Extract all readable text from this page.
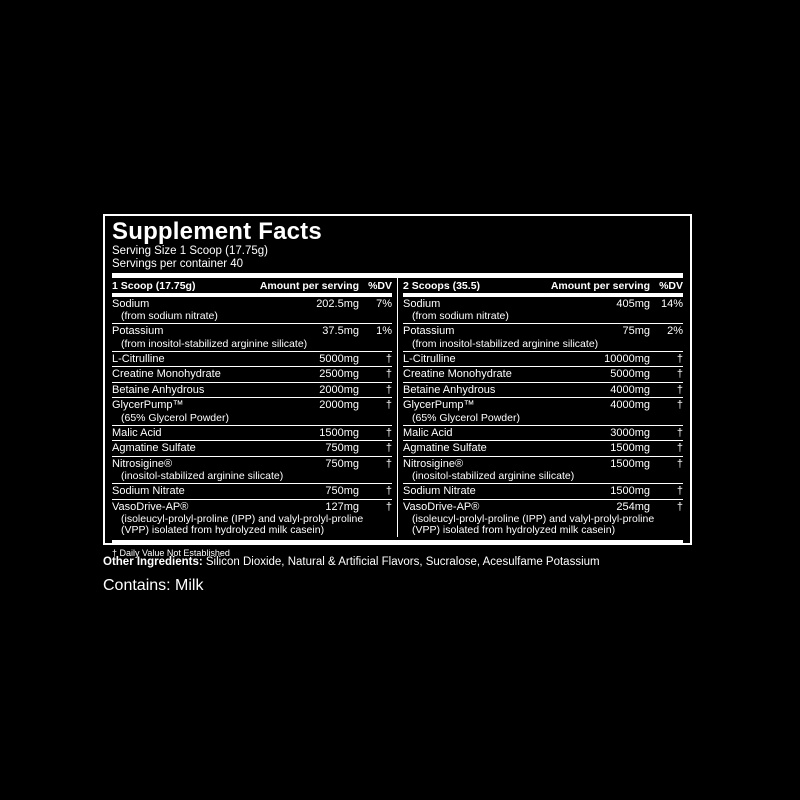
Supplement Facts
Serving Size 1 Scoop (17.75g)
Servings per container 40
1 Scoop (17.75g)	Amount per serving %DV
Sodium	202.5mg	7%
(from sodium nitrate)
Potassium	37.5mg	1%
(from inositol-stabilized arginine silicate)
L-Citrulline	5000mg	†
Creatine Monohydrate	2500mg	†
Betaine Anhydrous	2000mg	†
GlycerPump™	2000mg	†
(65% Glycerol Powder)
Malic Acid	1500mg	†
Agmatine Sulfate	750mg	†
Nitrosigine®	750mg	†
(inositol-stabilized arginine silicate)
Sodium Nitrate	750mg	†
VasoDrive-AP®	127mg	†
(isoleucyl-prolyl-proline (IPP) and valyl-prolyl-proline (VPP) isolated from hydrolyzed milk casein)
2 Scoops (35.5)	Amount per serving %DV
Sodium	405mg 14%
(from sodium nitrate)
Potassium	75mg	2%
(from inositol-stabilized arginine silicate)
L-Citrulline	10000mg	†
Creatine Monohydrate	5000mg	†
Betaine Anhydrous	4000mg	†
GlycerPump™	4000mg	†
(65% Glycerol Powder)
Malic Acid	3000mg	†
Agmatine Sulfate	1500mg	†
Nitrosigine®	1500mg	†
(inositol-stabilized arginine silicate)
Sodium Nitrate	1500mg	†
VasoDrive-AP®	254mg	†
(isoleucyl-prolyl-proline (IPP) and valyl-prolyl-proline (VPP) isolated from hydrolyzed milk casein)
† Daily Value Not Established
Other Ingredients: Silicon Dioxide, Natural & Artificial Flavors, Sucralose, Acesulfame Potassium
Contains: Milk
